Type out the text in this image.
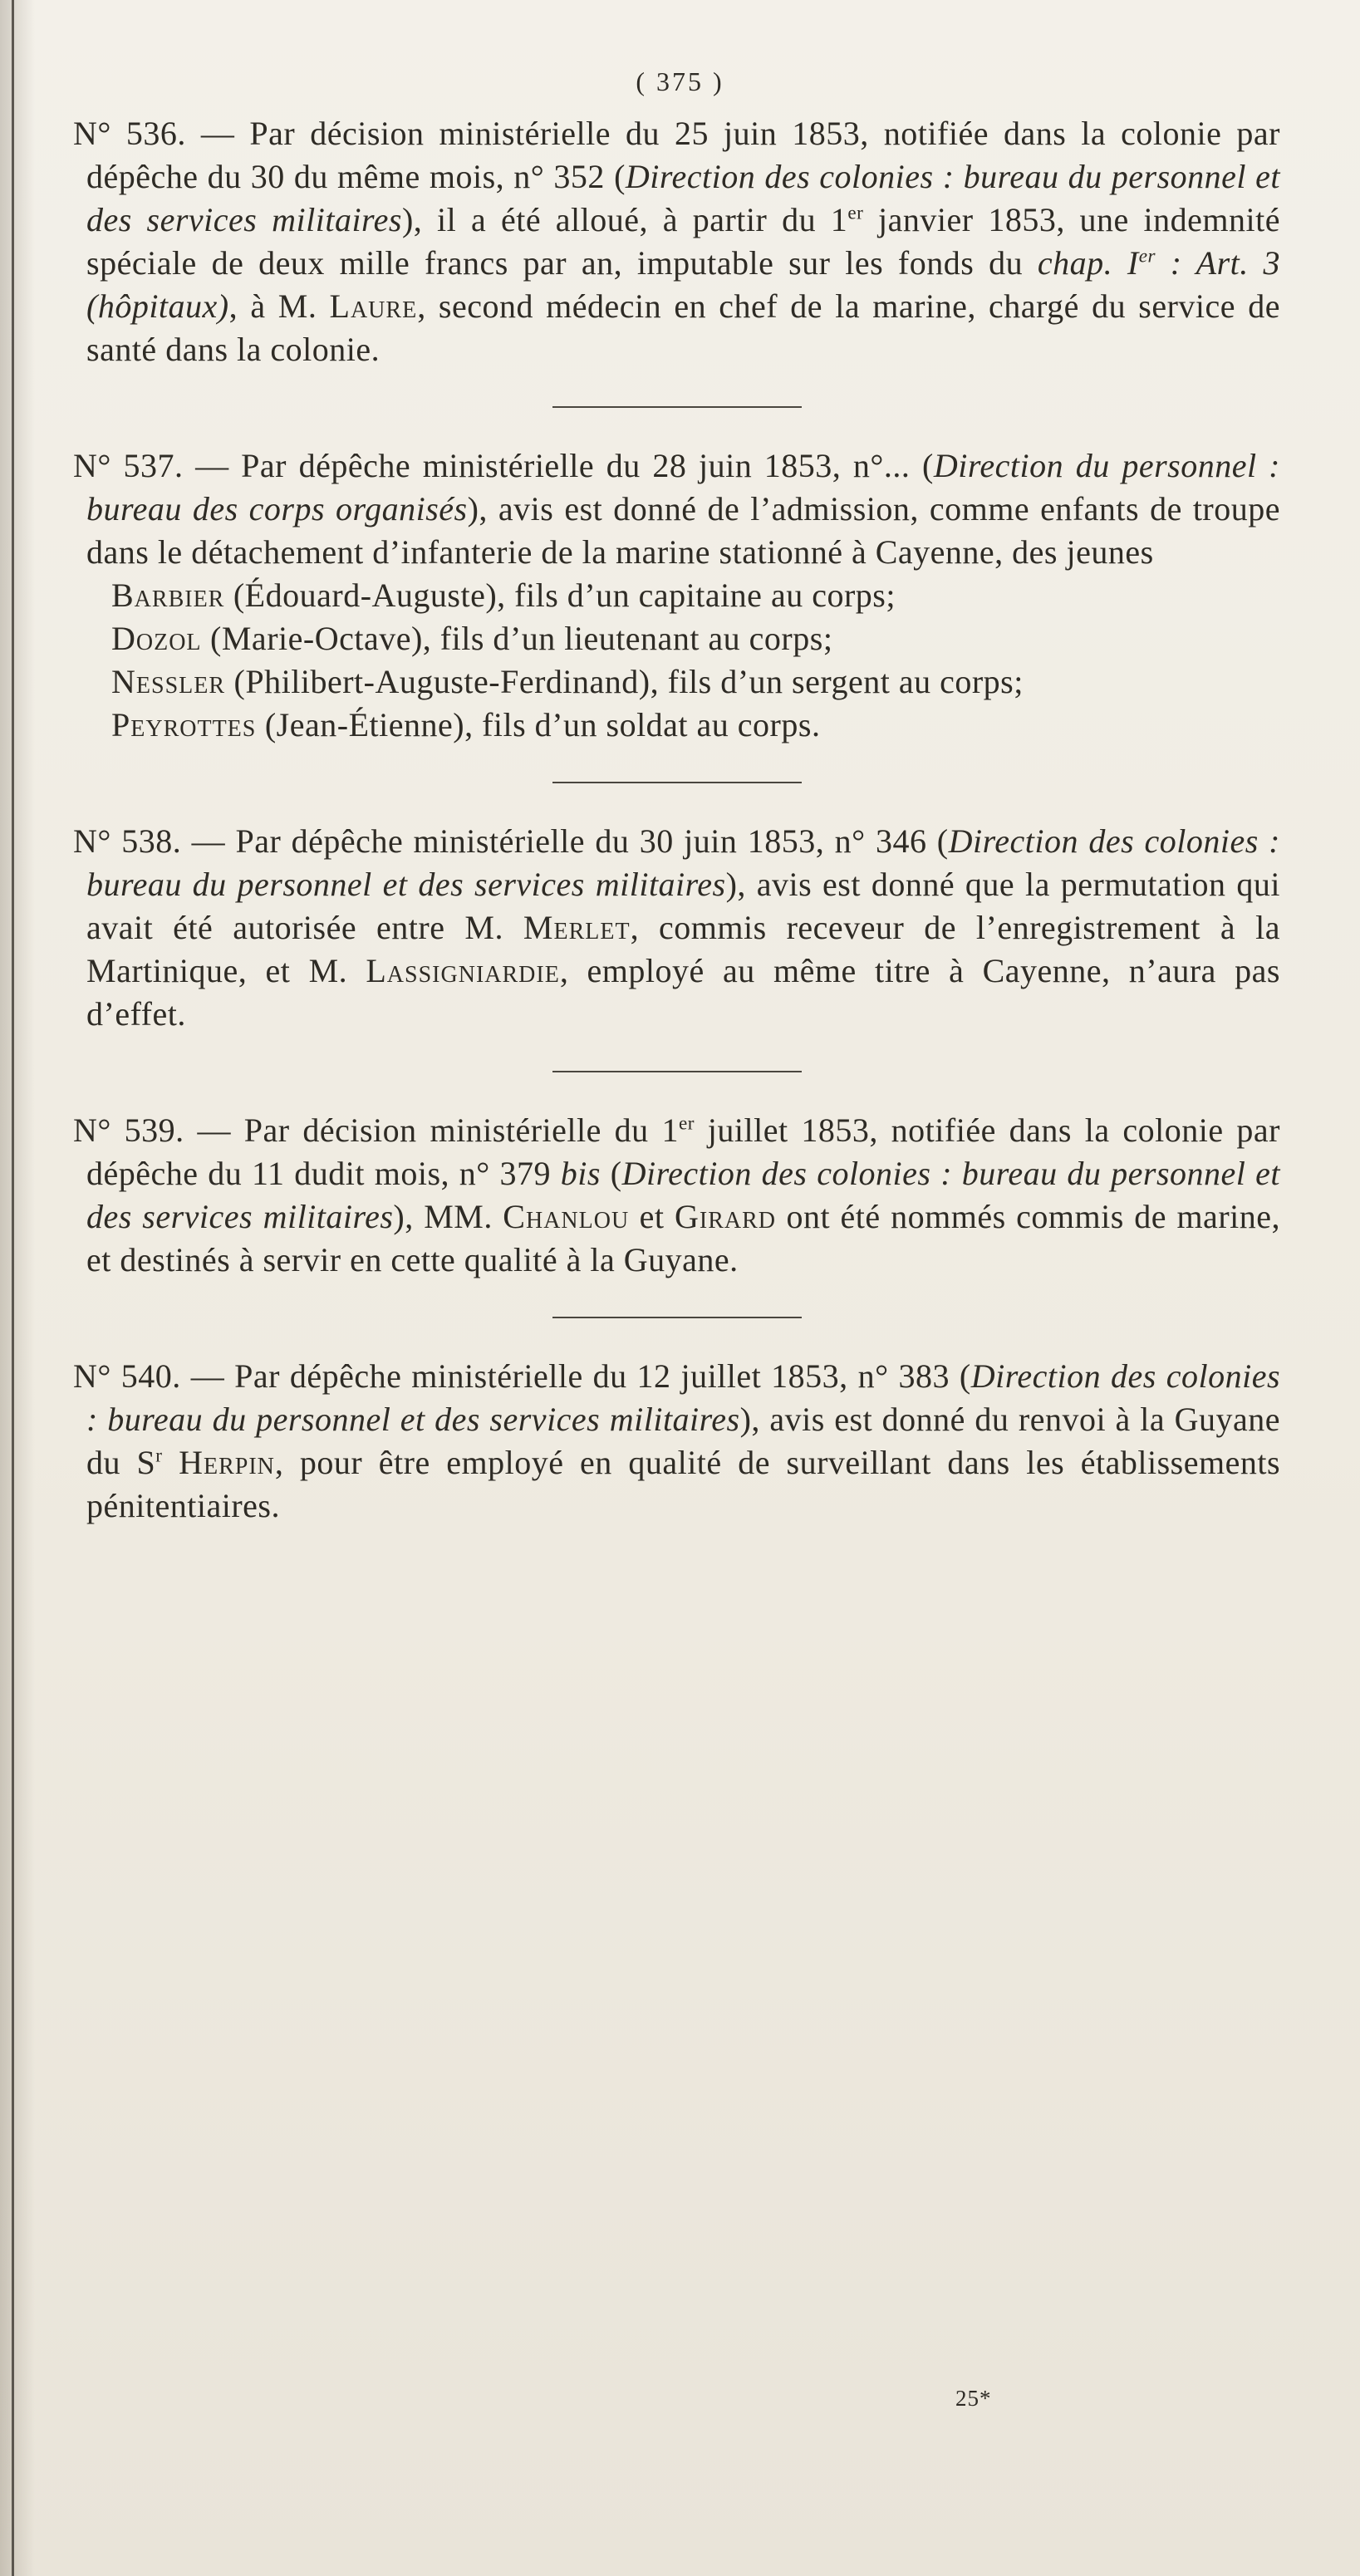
( 375 )

N° 536. — Par décision ministérielle du 25 juin 1853, notifiée dans la colonie par dépêche du 30 du même mois, n° 352 (Direction des colonies : bureau du personnel et des services militaires), il a été alloué, à partir du 1er janvier 1853, une indemnité spéciale de deux mille francs par an, imputable sur les fonds du chap. Ier : Art. 3 (hôpitaux), à M. Laure, second médecin en chef de la marine, chargé du service de santé dans la colonie.

N° 537. — Par dépêche ministérielle du 28 juin 1853, n°... (Direction du personnel : bureau des corps organisés), avis est donné de l’admission, comme enfants de troupe dans le détachement d’infanterie de la marine stationné à Cayenne, des jeunes

Barbier (Édouard-Auguste), fils d’un capitaine au corps;

Dozol (Marie-Octave), fils d’un lieutenant au corps;

Nessler (Philibert-Auguste-Ferdinand), fils d’un sergent au corps;

Peyrottes (Jean-Étienne), fils d’un soldat au corps.

N° 538. — Par dépêche ministérielle du 30 juin 1853, n° 346 (Direction des colonies : bureau du personnel et des services militaires), avis est donné que la permutation qui avait été autorisée entre M. Merlet, commis receveur de l’enregistrement à la Martinique, et M. Lassigniardie, employé au même titre à Cayenne, n’aura pas d’effet.

N° 539. — Par décision ministérielle du 1er juillet 1853, notifiée dans la colonie par dépêche du 11 dudit mois, n° 379 bis (Direction des colonies : bureau du personnel et des services militaires), MM. Chanlou et Girard ont été nommés commis de marine, et destinés à servir en cette qualité à la Guyane.

N° 540. — Par dépêche ministérielle du 12 juillet 1853, n° 383 (Direction des colonies : bureau du personnel et des services militaires), avis est donné du renvoi à la Guyane du $S^r$ Herpin, pour être employé en qualité de surveillant dans les établissements pénitentiaires.

25*
